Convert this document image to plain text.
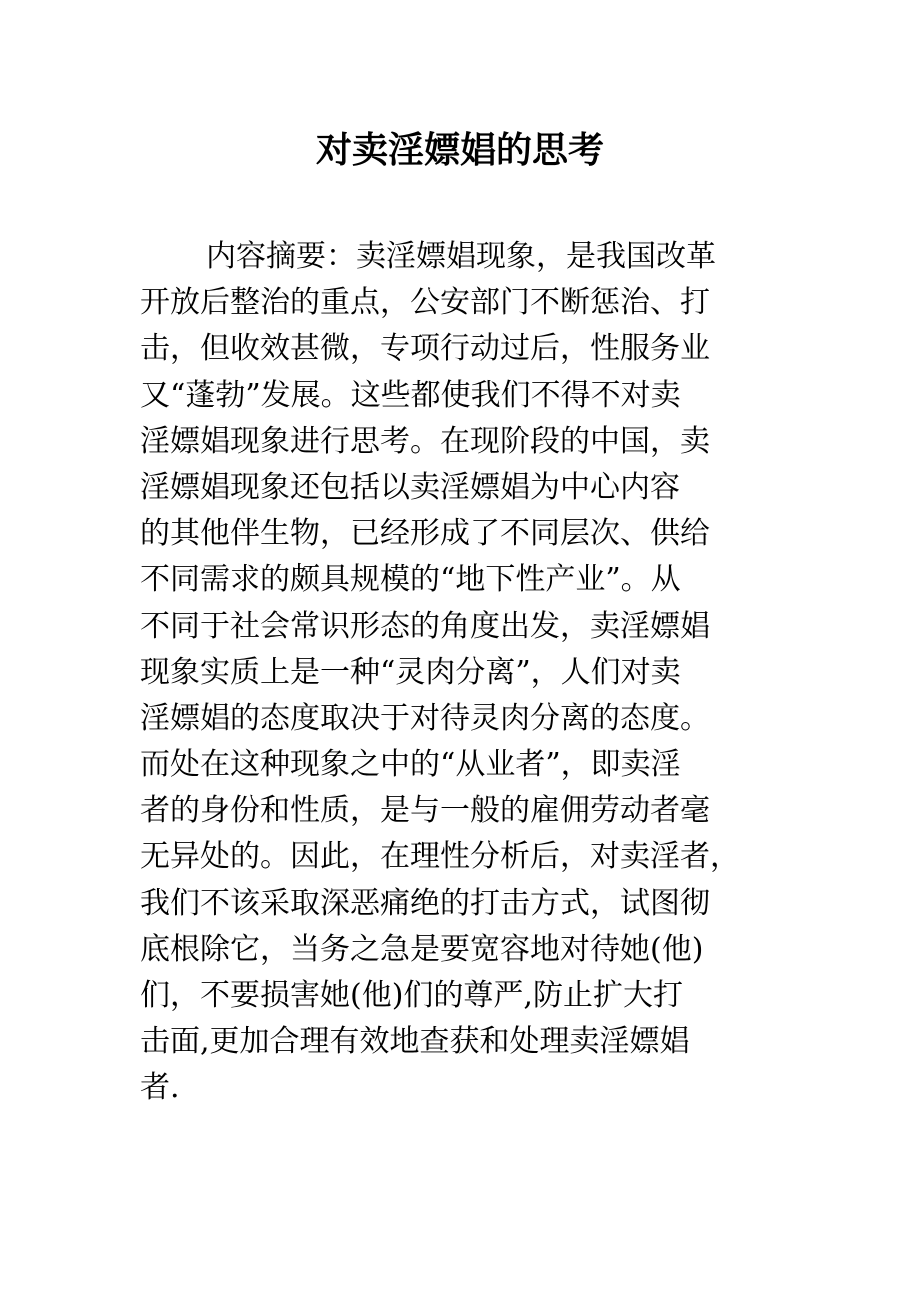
对卖淫嫖娼的思考
内容摘要：卖淫嫖娼现象，是我国改革
开放后整治的重点，公安部门不断惩治、打
击，但收效甚微，专项行动过后，性服务业
又“蓬勃”发展。这些都使我们不得不对卖
淫嫖娼现象进行思考。在现阶段的中国，卖
淫嫖娼现象还包括以卖淫嫖娼为中心内容
的其他伴生物，已经形成了不同层次、供给
不同需求的颇具规模的“地下性产业”。从
不同于社会常识形态的角度出发，卖淫嫖娼
现象实质上是一种“灵肉分离”，人们对卖
淫嫖娼的态度取决于对待灵肉分离的态度。
而处在这种现象之中的“从业者”，即卖淫
者的身份和性质，是与一般的雇佣劳动者毫
无异处的。因此，在理性分析后，对卖淫者，
我们不该采取深恶痛绝的打击方式，试图彻
底根除它，当务之急是要宽容地对待她(他)
们，不要损害她(他)们的尊严,防止扩大打
击面,更加合理有效地查获和处理卖淫嫖娼
者.
